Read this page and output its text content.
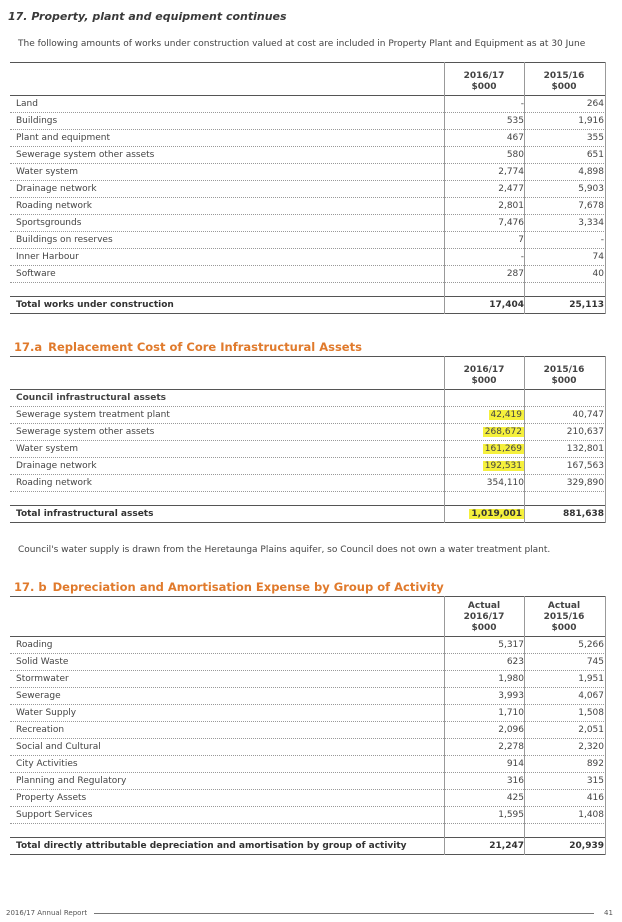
17. Property, plant and equipment continues
The following amounts of works under construction valued at cost are included in Property Plant and Equipment as at 30 June
2016/17
$000
2015/16
$000
Land	-	264
Buildings	535	1,916
Plant and equipment	467	355
Sewerage system other assets	580	651
Water system	2,774	4,898
Drainage network	2,477	5,903
Roading network	2,801	7,678
Sportsgrounds	7,476	3,334
Buildings on reserves	7	-
Inner Harbour	-	74
Software	287	40
Total works under construction	17,404	25,113
17.a Replacement Cost of Core Infrastructural Assets
2016/17
$000
2015/16
$000
Council infrastructural assets
Sewerage system treatment plant	42,419	40,747
Sewerage system other assets	268,672	210,637
Water system	161,269	132,801
Drainage network	192,531	167,563
Roading network	354,110	329,890
Total infrastructural assets	1,019,001	881,638
Council's water supply is drawn from the Heretaunga Plains aquifer, so Council does not own a water treatment plant.
17. b Depreciation and Amortisation Expense by Group of Activity
Actual
2016/17
$000
Actual
2015/16
$000
Roading	5,317	5,266
Solid Waste	623	745
Stormwater	1,980	1,951
Sewerage	3,993	4,067
Water Supply	1,710	1,508
Recreation	2,096	2,051
Social and Cultural	2,278	2,320
City Activities	914	892
Planning and Regulatory	316	315
Property Assets	425	416
Support Services	1,595	1,408
Total directly attributable depreciation and amortisation by group of activity	21,247	20,939
2016/17 Annual Report	41
